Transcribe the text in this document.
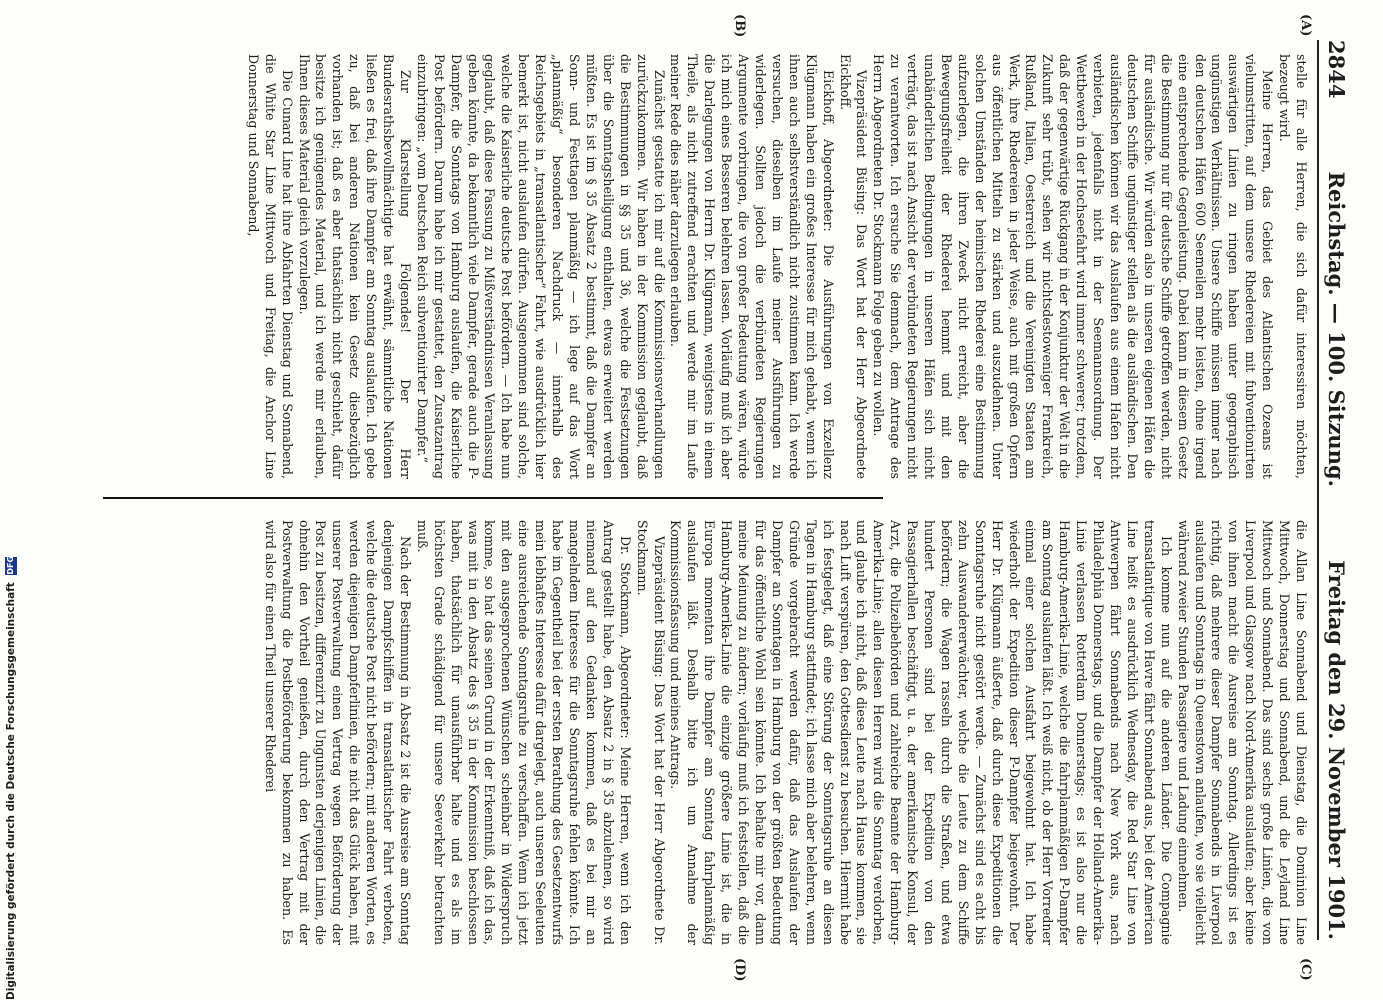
2844
Reichstag. — 100. Sitzung.
Freitag den 29. November 1901.
(A)
(B)
(C)
(D)

stelle für alle Herren, die sich dafür interessiren möchten, bezeugt wird.

Meine Herren, das Gebiet des Atlantischen Ozeans ist vielumstritten, auf dem unsere Rhedereien mit fubventionirten auswärtigen Linien zu ringen haben unter geographisch ungünstigen Verhältnissen. Unsere Schiffe müssen immer nach den deutschen Häfen 600 Seemeilen mehr leisten, ohne irgend eine entsprechende Gegenleistung. Dabei kann in diesem Gesetz die Bestimmung nur für deutsche Schiffe getroffen werden, nicht für ausländische. Wir würden also in unseren eigenen Häfen die deutschen Schiffe ungünstiger stellen als die ausländischen. Den ausländischen können wir das Auslaufen aus einem Hafen nicht verbieten, jedenfalls nicht in der Seemannsordnung. Der Wettbewerb in der Hochseefahrt wird immer schwerer; trotzdem, daß der gegenwärtige Rückgang in der Konjunktur der Welt in die Zukunft sehr trübt, sehen wir nichtsdestoweniger Frankreich, Rußland, Italien, Oesterreich und die Vereinigten Staaten am Werk, ihre Rhedereien in jeder Weise, auch mit großen Opfern aus öffentlichen Mitteln zu stärken und auszudehnen. Unter solchen Umständen der heimischen Rhederei eine Bestimmung aufzuerlegen, die ihren Zweck nicht erreicht, aber die Bewegungsfreiheit der Rhederei hemmt und mit den unabänderlichen Bedingungen in unseren Häfen sich nicht verträgt, das ist nach Ansicht der verbündeten Regierungen nicht zu verantworten. Ich ersuche Sie demnach, dem Antrage des Herrn Abgeordneten Dr. Stockmann Folge geben zu wollen.

Vizepräsident Büsing: Das Wort hat der Herr Abgeordnete Eickhoff.

Eickhoff, Abgeordneter: Die Ausführungen von Exzellenz Klügmann haben ein großes Interesse für mich gehabt, wenn ich ihnen auch selbstverständlich nicht zustimmen kann. Ich werde versuchen, dieselben im Laufe meiner Ausführungen zu widerlegen. Sollten jedoch die verbündeten Regierungen Argumente vorbringen, die von großer Bedeutung wären, würde ich mich eines Besseren belehren lassen. Vorläufig muß ich aber die Darlegungen von Herrn Dr. Klügmann, wenigstens in einem Theile, als nicht zutreffend erachten und werde mir im Laufe meiner Rede dies näher darzulegen erlauben.

Zunächst gestatte ich mir auf die Kommissionsverhandlungen zurückzukommen. Wir haben in der Kommission geglaubt, daß die Bestimmungen in §§ 35 und 36, welche die Festsetzungen über die Sonntagsheiligung enthalten, etwas erweitert werden müßten. Es ist im § 35 Absatz 2 bestimmt, daß die Dampfer an Sonn- und Festtagen planmäßig — ich lege auf das Wort „planmäßig“ besonderen Nachdruck — innerhalb des Reichsgebiets in „transatlantischer“ Fahrt, wie ausdrücklich hier bemerkt ist, nicht auslaufen dürfen. Ausgenommen sind solche, welche die Kaiserliche deutsche Post befördern. — Ich habe nun geglaubt, daß diese Fassung zu Mißverständnissen Veranlassung geben könnte, da bekanntlich viele Dampfer, gerade auch die P-Dampfer, die Sonntags von Hamburg auslaufen, die Kaiserliche Post befördern. Darum habe ich mir gestattet, den Zusatzantrag einzubringen: „vom Deutschen Reich subventionirter Dampfer.“

Zur Klarstellung Folgendes! Der Herr Bundesrathsbevollmächtigte hat erwähnt, sämmtliche Nationen ließen es frei, daß ihre Dampfer am Sonntag auslaufen. Ich gebe zu, daß bei anderen Nationen kein Gesetz diesbezüglich vorhanden ist; daß es aber thatsächlich nicht geschieht, dafür besitze ich genügendes Material, und ich werde mir erlauben, Ihnen dieses Material gleich vorzulegen.

Die Cunard Line hat ihre Abfahrten Dienstag und Sonnabend, die White Star Line Mittwoch und Freitag, die Anchor Line Donnerstag und Sonnabend,

die Allan Line Sonnabend und Dienstag, die Dominion Line Mittwoch, Donnerstag und Sonnabend, und die Leyland Line Mittwoch und Sonnabend. Das sind sechs große Linien, die von Liverpool und Glasgow nach Nord-Amerika auslaufen; aber keine von ihnen macht die Ausreise am Sonntag. Allerdings ist es richtig, daß mehrere dieser Dampfer Sonnabends in Liverpool auslaufen und Sonntags in Queenstown anlaufen, wo sie vielleicht während zweier Stunden Passagiere und Ladung einnehmen.

Ich komme nun auf die anderen Länder. Die Compagnie transatlantique von Havre fährt Sonnabend aus, bei der American Line heißt es ausdrücklich Wednesday, die Red Star Line von Antwerpen fährt Sonnabends nach New York aus, nach Philadelphia Donnerstags, und die Dampfer der Holland-Amerika-Linie verlassen Rotterdam Donnerstags; es ist also nur die Hamburg-Amerika-Linie, welche die fahrplanmäßigen P-Dampfer am Sonntag auslaufen läßt. Ich weiß nicht, ob der Herr Vorredner einmal einer solchen Ausfahrt beigewohnt hat. Ich habe wiederholt der Expedition dieser P-Dampfer beigewohnt. Der Herr Dr. Klügmann äußerte, daß durch diese Expeditionen die Sonntagsruhe nicht gestört werde. — Zunächst sind es acht bis zehn Auswandererwächter, welche die Leute zu dem Schiffe befördern; die Wagen rasseln durch die Straßen, und etwa hundert Personen sind bei der Expedition von den Passagierhallen beschäftigt, u. a. der amerikanische Konsul, der Arzt, die Polizeibehörden und zahlreiche Beamte der Hamburg-Amerika-Linie; allen diesen Herren wird die Sonntag verdorben, und glaube ich nicht, daß diese Leute nach Hause kommen, sie nach Luft verspüren, den Gottesdienst zu besuchen. Hiermit habe ich festgelegt, daß eine Störung der Sonntagsruhe an diesen Tagen in Hamburg stattfindet; ich lasse mich aber belehren, wenn Gründe vorgebracht werden dafür, daß das Auslaufen der Dampfer an Sonntagen in Hamburg von der größten Bedeutung für das öffentliche Wohl sein könnte. Ich behalte mir vor, dann meine Meinung zu ändern; vorläufig muß ich feststellen, daß die Hamburg-Amerika-Linie die einzige größere Linie ist, die in Europa momentan ihre Dampfer am Sonntag fahrplanmäßig auslaufen läßt. Deshalb bitte ich um Annahme der Kommissionsfassung und meines Antrags.

Vizepräsident Büsing: Das Wort hat der Herr Abgeordnete Dr. Stockmann.

Dr. Stockmann, Abgeordneter: Meine Herren, wenn ich den Antrag gestellt habe, den Absatz 2 in § 35 abzulehnen, so wird niemand auf den Gedanken kommen, daß es bei mir an mangelndem Interesse für die Sonntagsruhe fehlen könnte. Ich habe im Gegentheil bei der ersten Berathung des Gesetzentwurfs mein lebhaftes Interesse dafür dargelegt, auch unseren Seeleuten eine ausreichende Sonntagsruhe zu verschaffen. Wenn ich jetzt mit den ausgesprochenen Wünschen scheinbar in Widerspruch komme, so hat das seinen Grund in der Erkenntniß, daß ich das, was mit in den Absatz des § 35 in der Kommission beschlossen haben, thatsächlich für unausführbar halte und es als im höchsten Grade schädigend für unsere Seeverkehr betrachten muß.

Nach der Bestimmung in Absatz 2 ist die Ausreise am Sonntag denjenigen Dampfschiffen in transatlantischer Fahrt verboten, welche die deutsche Post nicht befördern; mit anderen Worten, es werden diejenigen Dampferlinien, die nicht das Glück haben, mit unserer Postverwaltung einen Vertrag wegen Beförderung der Post zu besitzen, differenzirt zu Ungunsten derjenigen Linien, die ohnehin den Vortheil genießen, durch den Vertrag mit der Postverwaltung die Postbeförderung bekommen zu haben. Es wird also für einen Theil unserer Rhederei

Digitalisierung gefördert durch die Deutsche Forschungsgemeinschaft DFG
